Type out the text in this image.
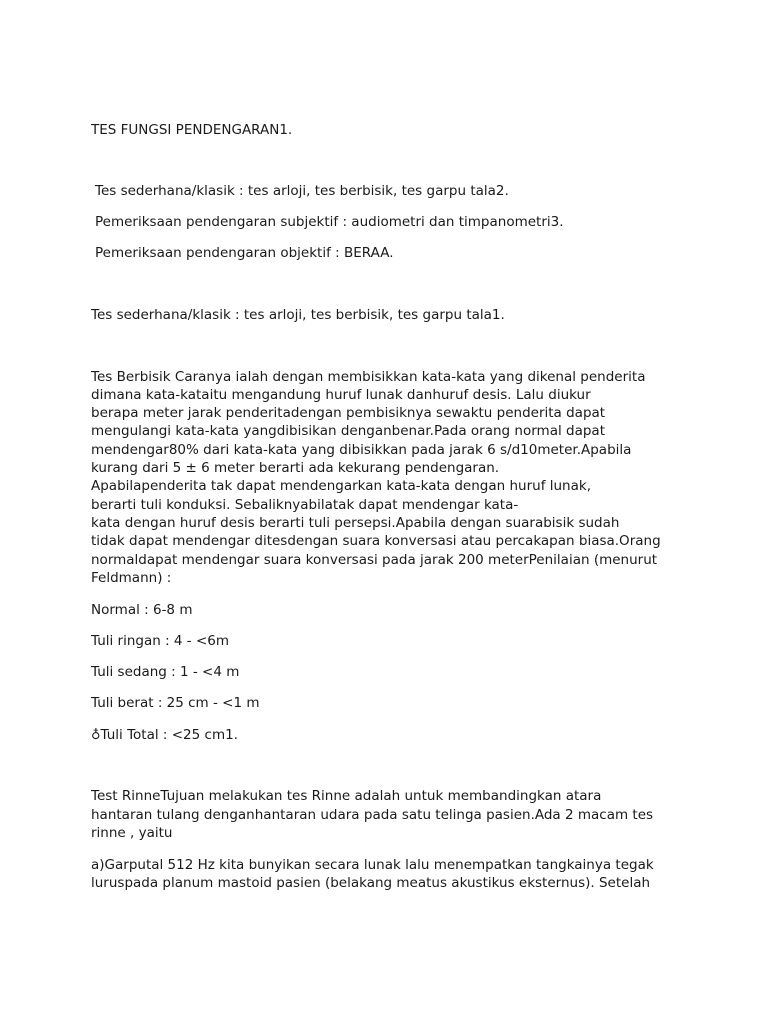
TES FUNGSI PENDENGARAN1.
Tes sederhana/klasik : tes arloji, tes berbisik, tes garpu tala2.
Pemeriksaan pendengaran subjektif : audiometri dan timpanometri3.
Pemeriksaan pendengaran objektif : BERAA.
Tes sederhana/klasik : tes arloji, tes berbisik, tes garpu tala1.
Tes Berbisik Caranya ialah dengan membisikkan kata-kata yang dikenal penderita
dimana kata-kataitu mengandung huruf lunak danhuruf desis. Lalu diukur
berapa meter jarak penderitadengan pembisiknya sewaktu penderita dapat
mengulangi kata-kata yangdibisikan denganbenar.Pada orang normal dapat
mendengar80% dari kata-kata yang dibisikkan pada jarak 6 s/d10meter.Apabila
kurang dari 5 ± 6 meter berarti ada kekurang pendengaran.
Apabilapenderita tak dapat mendengarkan kata-kata dengan huruf lunak,
berarti tuli konduksi. Sebaliknyabilatak dapat mendengar kata-
kata dengan huruf desis berarti tuli persepsi.Apabila dengan suarabisik sudah
tidak dapat mendengar ditesdengan suara konversasi atau percakapan biasa.Orang
normaldapat mendengar suara konversasi pada jarak 200 meterPenilaian (menurut
Feldmann) :
Normal : 6-8 m
Tuli ringan : 4 - <6m
Tuli sedang : 1 - <4 m
Tuli berat : 25 cm - <1 m
♁Tuli Total : <25 cm1.
Test RinneTujuan melakukan tes Rinne adalah untuk membandingkan atara
hantaran tulang denganhantaran udara pada satu telinga pasien.Ada 2 macam tes
rinne , yaitu
a)Garputal 512 Hz kita bunyikan secara lunak lalu menempatkan tangkainya tegak
luruspada planum mastoid pasien (belakang meatus akustikus eksternus). Setelah
